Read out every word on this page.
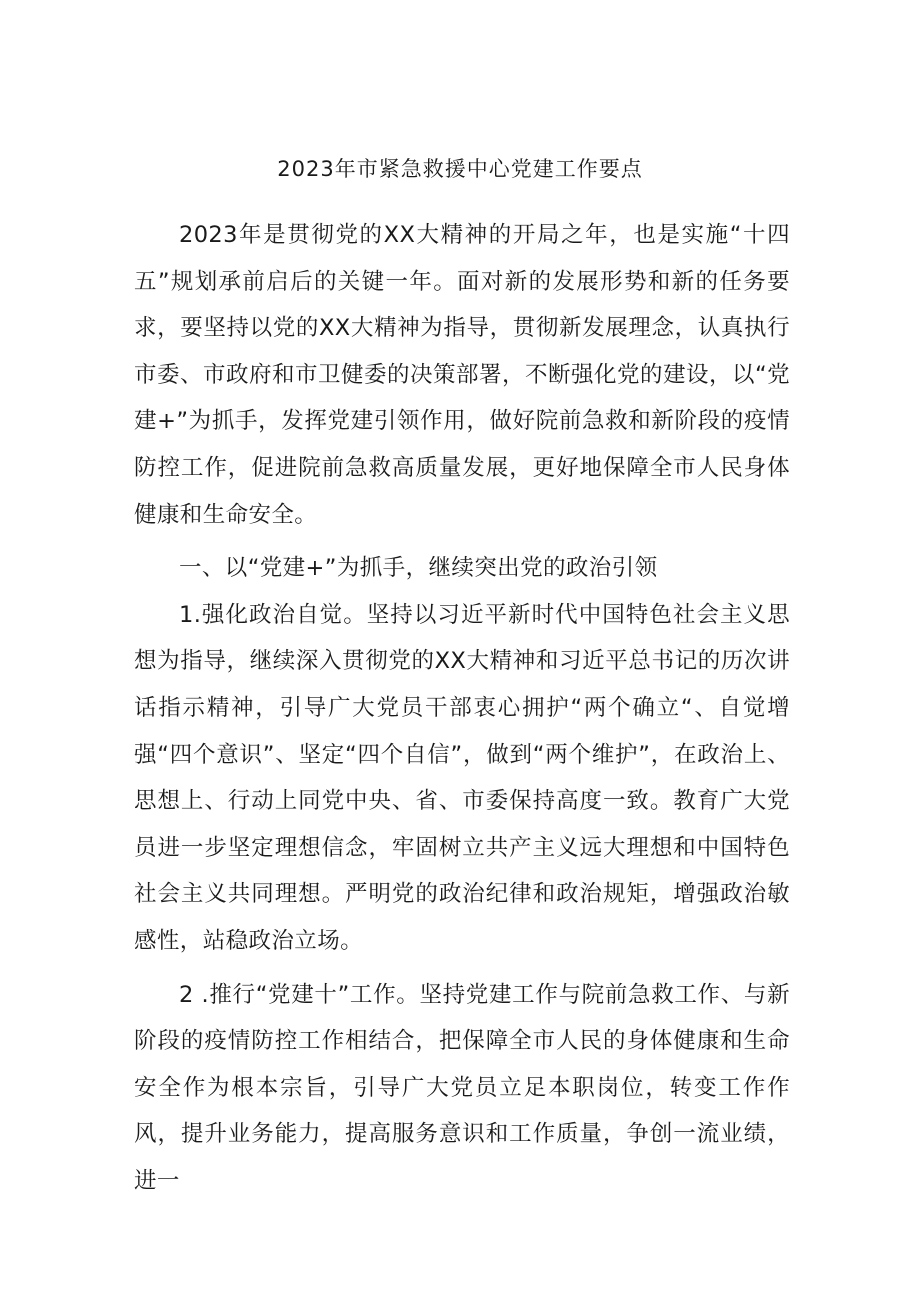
2023年市紧急救援中心党建工作要点

2023年是贯彻党的XX大精神的开局之年，也是实施“十四五”规划承前启后的关键一年。面对新的发展形势和新的任务要求，要坚持以党的XX大精神为指导，贯彻新发展理念，认真执行市委、市政府和市卫健委的决策部署，不断强化党的建设，以“党建+”为抓手，发挥党建引领作用，做好院前急救和新阶段的疫情防控工作，促进院前急救高质量发展，更好地保障全市人民身体健康和生命安全。

一、以“党建+”为抓手，继续突出党的政治引领

1.强化政治自觉。坚持以习近平新时代中国特色社会主义思想为指导，继续深入贯彻党的XX大精神和习近平总书记的历次讲话指示精神，引导广大党员干部衷心拥护“两个确立“、自觉增强“四个意识”、坚定“四个自信”，做到“两个维护”，在政治上、思想上、行动上同党中央、省、市委保持高度一致。教育广大党员进一步坚定理想信念，牢固树立共产主义远大理想和中国特色社会主义共同理想。严明党的政治纪律和政治规矩，增强政治敏感性，站稳政治立场。

2 .推行“党建十”工作。坚持党建工作与院前急救工作、与新阶段的疫情防控工作相结合，把保障全市人民的身体健康和生命安全作为根本宗旨，引导广大党员立足本职岗位，转变工作作风，提升业务能力，提高服务意识和工作质量，争创一流业绩，进一
